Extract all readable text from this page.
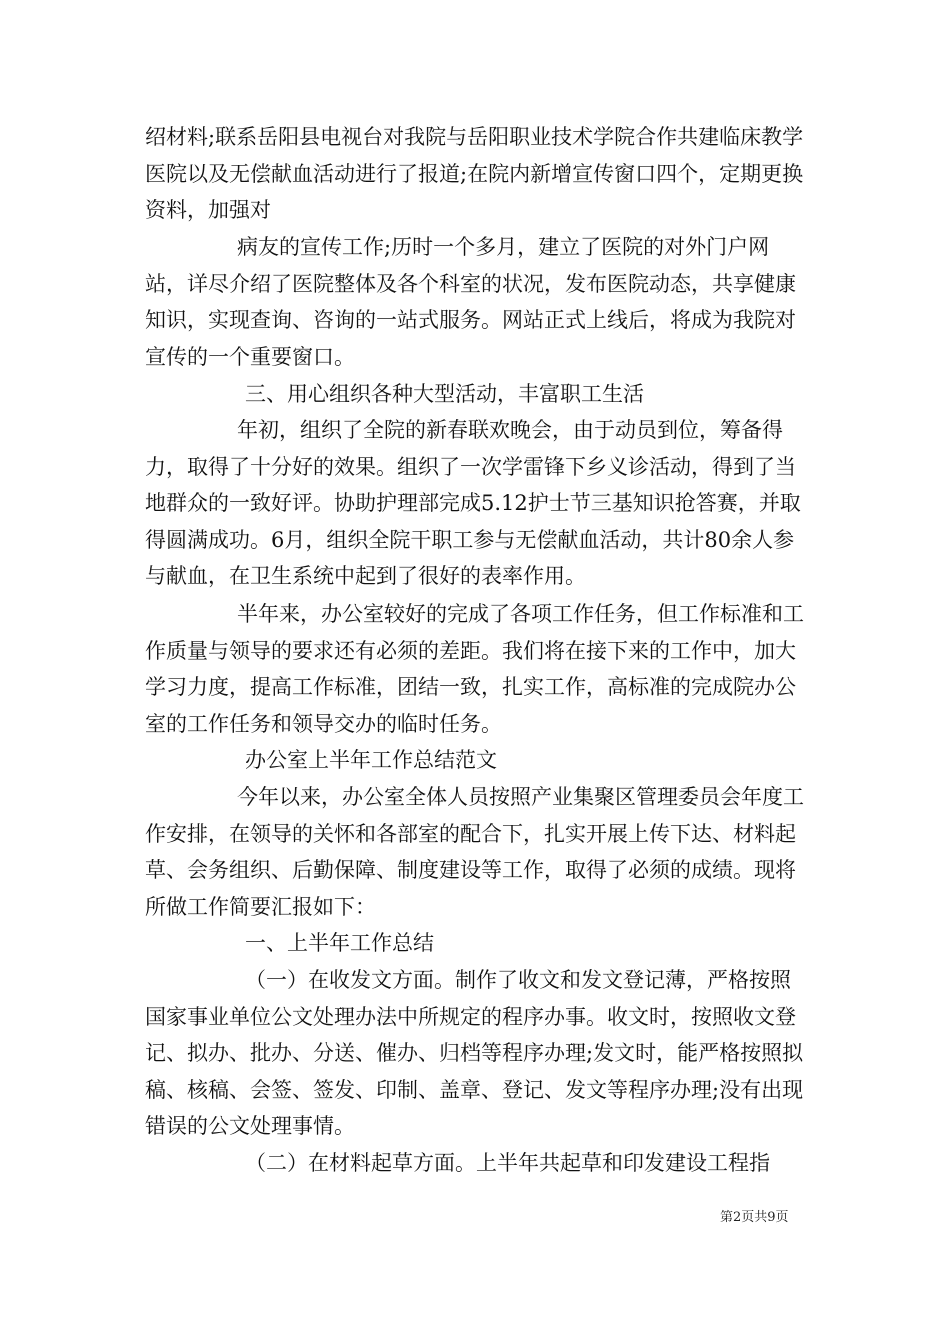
绍材料;联系岳阳县电视台对我院与岳阳职业技术学院合作共建临床教学医院以及无偿献血活动进行了报道;在院内新增宣传窗口四个，定期更换资料，加强对

病友的宣传工作;历时一个多月，建立了医院的对外门户网站，详尽介绍了医院整体及各个科室的状况，发布医院动态，共享健康知识，实现查询、咨询的一站式服务。网站正式上线后，将成为我院对宣传的一个重要窗口。

三、用心组织各种大型活动，丰富职工生活

年初，组织了全院的新春联欢晚会，由于动员到位，筹备得力，取得了十分好的效果。组织了一次学雷锋下乡义诊活动，得到了当地群众的一致好评。协助护理部完成5.12护士节三基知识抢答赛，并取得圆满成功。6月，组织全院干职工参与无偿献血活动，共计80余人参与献血，在卫生系统中起到了很好的表率作用。

半年来，办公室较好的完成了各项工作任务，但工作标准和工作质量与领导的要求还有必须的差距。我们将在接下来的工作中，加大学习力度，提高工作标准，团结一致，扎实工作，高标准的完成院办公室的工作任务和领导交办的临时任务。

办公室上半年工作总结范文

今年以来，办公室全体人员按照产业集聚区管理委员会年度工作安排，在领导的关怀和各部室的配合下，扎实开展上传下达、材料起草、会务组织、后勤保障、制度建设等工作，取得了必须的成绩。现将所做工作简要汇报如下：

一、上半年工作总结

（一）在收发文方面。制作了收文和发文登记薄，严格按照国家事业单位公文处理办法中所规定的程序办事。收文时，按照收文登记、拟办、批办、分送、催办、归档等程序办理;发文时，能严格按照拟稿、核稿、会签、签发、印制、盖章、登记、发文等程序办理;没有出现错误的公文处理事情。

（二）在材料起草方面。上半年共起草和印发建设工程指

第2页共9页
